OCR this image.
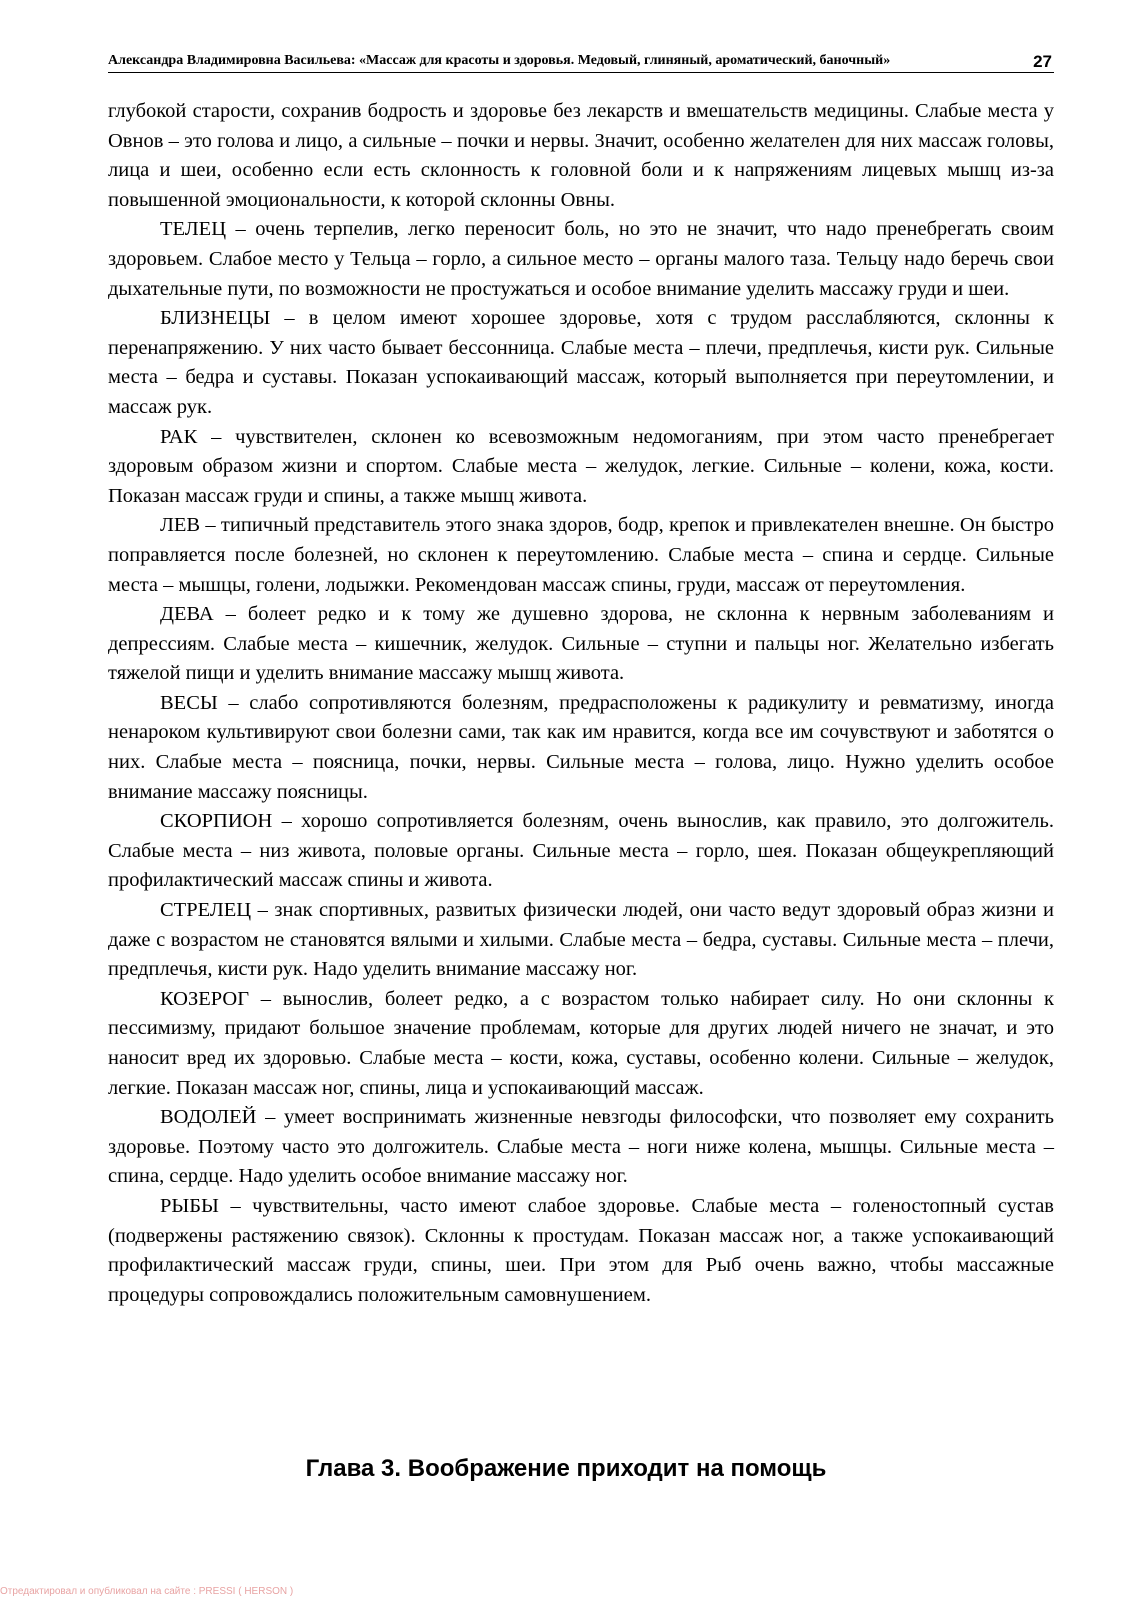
Александра Владимировна Васильева: «Массаж для красоты и здоровья. Медовый, глиняный, ароматический, баночный»	27

глубокой старости, сохранив бодрость и здоровье без лекарств и вмешательств медицины. Слабые места у Овнов – это голова и лицо, а сильные – почки и нервы. Значит, особенно желателен для них массаж головы, лица и шеи, особенно если есть склонность к головной боли и к напряжениям лицевых мышц из-за повышенной эмоциональности, к которой склонны Овны.

ТЕЛЕЦ – очень терпелив, легко переносит боль, но это не значит, что надо пренебрегать своим здоровьем. Слабое место у Тельца – горло, а сильное место – органы малого таза. Тельцу надо беречь свои дыхательные пути, по возможности не простужаться и особое внимание уделить массажу груди и шеи.

БЛИЗНЕЦЫ – в целом имеют хорошее здоровье, хотя с трудом расслабляются, склонны к перенапряжению. У них часто бывает бессонница. Слабые места – плечи, предплечья, кисти рук. Сильные места – бедра и суставы. Показан успокаивающий массаж, который выполняется при переутомлении, и массаж рук.

РАК – чувствителен, склонен ко всевозможным недомоганиям, при этом часто пренебрегает здоровым образом жизни и спортом. Слабые места – желудок, легкие. Сильные – колени, кожа, кости. Показан массаж груди и спины, а также мышц живота.

ЛЕВ – типичный представитель этого знака здоров, бодр, крепок и привлекателен внешне. Он быстро поправляется после болезней, но склонен к переутомлению. Слабые места – спина и сердце. Сильные места – мышцы, голени, лодыжки. Рекомендован массаж спины, груди, массаж от переутомления.

ДЕВА – болеет редко и к тому же душевно здорова, не склонна к нервным заболеваниям и депрессиям. Слабые места – кишечник, желудок. Сильные – ступни и пальцы ног. Желательно избегать тяжелой пищи и уделить внимание массажу мышц живота.

ВЕСЫ – слабо сопротивляются болезням, предрасположены к радикулиту и ревматизму, иногда ненароком культивируют свои болезни сами, так как им нравится, когда все им сочувствуют и заботятся о них. Слабые места – поясница, почки, нервы. Сильные места – голова, лицо. Нужно уделить особое внимание массажу поясницы.

СКОРПИОН – хорошо сопротивляется болезням, очень вынослив, как правило, это долгожитель. Слабые места – низ живота, половые органы. Сильные места – горло, шея. Показан общеукрепляющий профилактический массаж спины и живота.

СТРЕЛЕЦ – знак спортивных, развитых физически людей, они часто ведут здоровый образ жизни и даже с возрастом не становятся вялыми и хилыми. Слабые места – бедра, суставы. Сильные места – плечи, предплечья, кисти рук. Надо уделить внимание массажу ног.

КОЗЕРОГ – вынослив, болеет редко, а с возрастом только набирает силу. Но они склонны к пессимизму, придают большое значение проблемам, которые для других людей ничего не значат, и это наносит вред их здоровью. Слабые места – кости, кожа, суставы, особенно колени. Сильные – желудок, легкие. Показан массаж ног, спины, лица и успокаивающий массаж.

ВОДОЛЕЙ – умеет воспринимать жизненные невзгоды философски, что позволяет ему сохранить здоровье. Поэтому часто это долгожитель. Слабые места – ноги ниже колена, мышцы. Сильные места – спина, сердце. Надо уделить особое внимание массажу ног.

РЫБЫ – чувствительны, часто имеют слабое здоровье. Слабые места – голеностопный сустав (подвержены растяжению связок). Склонны к простудам. Показан массаж ног, а также успокаивающий профилактический массаж груди, спины, шеи. При этом для Рыб очень важно, чтобы массажные процедуры сопровождались положительным самовнушением.

Глава 3. Воображение приходит на помощь
Отредактировал и опубликовал на сайте : PRESSI ( HERSON )
